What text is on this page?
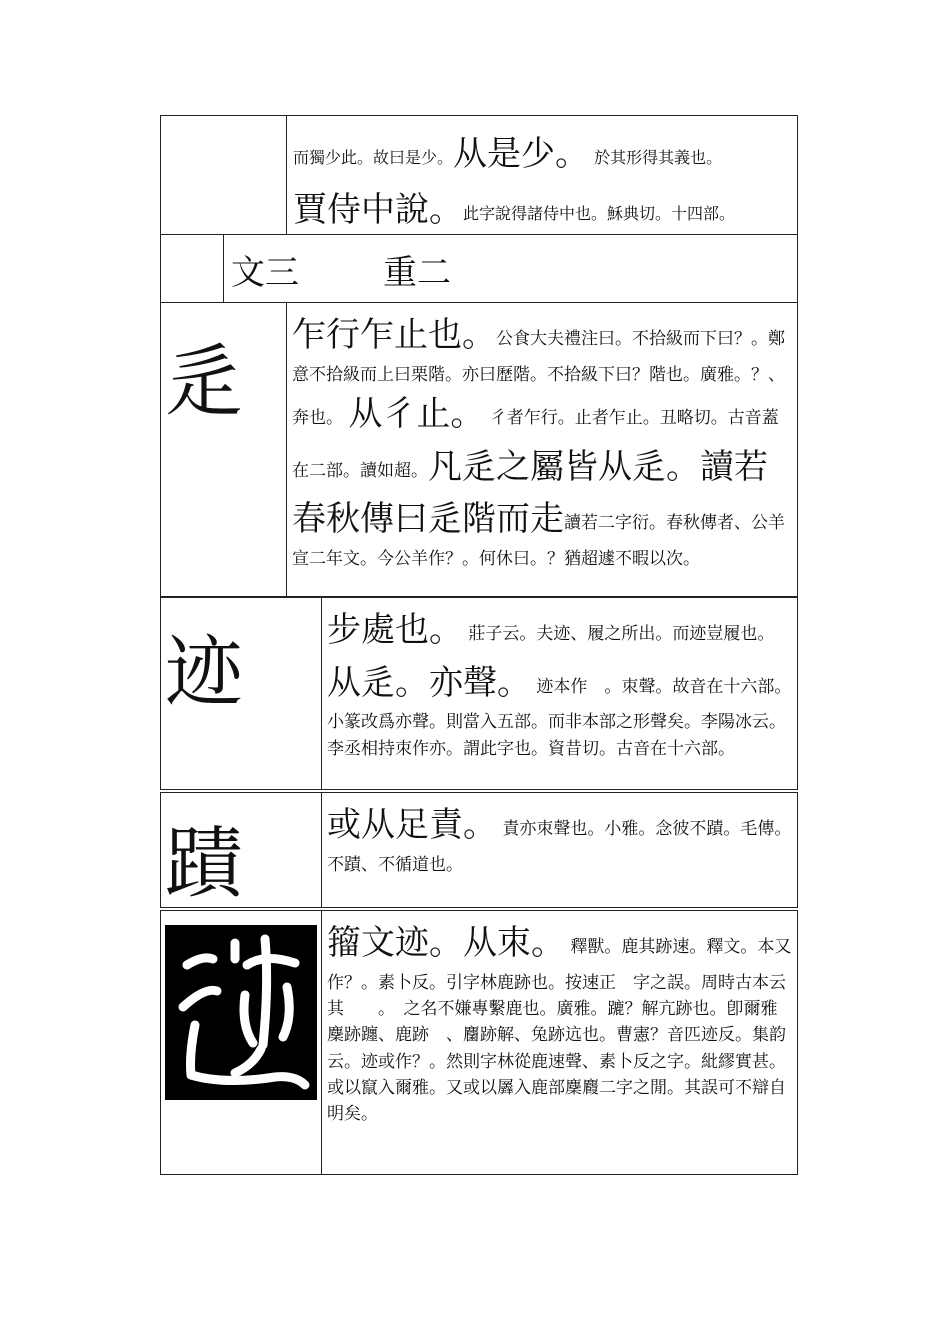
而獨少此。故曰是少。从是少。 於其形得其義也。
賈侍中說。此字說得諸侍中也。穌典切。十四部。
文三 重二
辵
乍行乍止也。公食大夫禮注曰。不拾級而下曰？。鄭意不拾級而上曰栗階。亦曰歷階。不拾級下曰？階也。廣雅。？、奔也。 从彳止。 彳者乍行。止者乍止。丑略切。古音蓋在二部。讀如超。凡辵之屬皆从辵。讀若春秋傳曰辵階而走讀若二字衍。春秋傳者、公羊宣二年文。今公羊作？。何休曰。？猶超遽不暇以次。
迹 步處也。 莊子云。夫迹、履之所出。而迹豈履也。从辵。亦聲。 迹本作　。朿聲。故音在十六部。小篆改爲亦聲。則當入五部。而非本部之形聲矣。李陽冰云。李丞相持朿作亦。謂此字也。資昔切。古音在十六部。
蹟 或从足責。 責亦朿聲也。小雅。念彼不蹟。毛傳。不蹟、不循道也。
籀文迹。从朿。 釋獸。鹿其跡速。釋文。本又作？。素卜反。引字林鹿跡也。按速正　字之誤。周時古本云其　　。　之名不嫌專繫鹿也。廣雅。蹗？解亢跡也。卽爾雅麇跡躔、鹿跡　、麕跡解、兔跡迒也。曹憲？音匹迹反。集韵云。迹或作？。然則字林從鹿速聲、素卜反之字。紕繆實甚。或以竄入爾雅。又或以羼入鹿部麇麚二字之閒。其誤可不辯自明矣。
